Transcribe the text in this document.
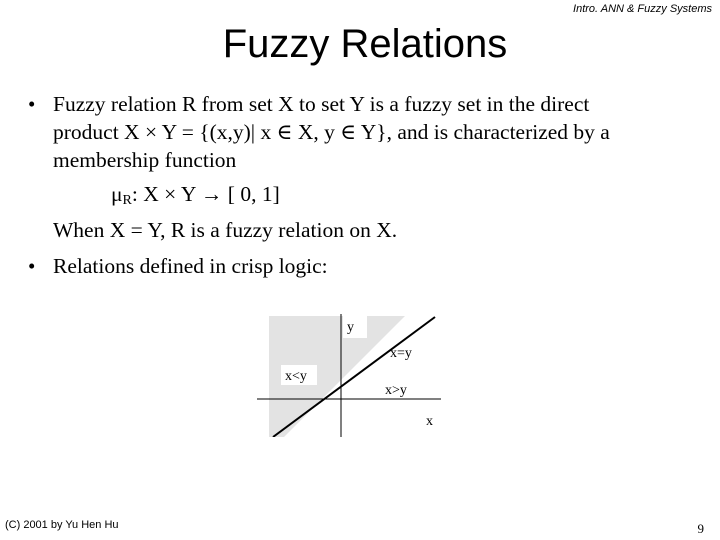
Intro. ANN & Fuzzy Systems
Fuzzy Relations
• Fuzzy relation R from set X to set Y is a fuzzy set in the direct
product X × Y = {(x,y)| x ∈ X, y ∈ Y}, and is characterized by a
membership function
$\mu_R$: X × Y → [ 0, 1]
When X = Y, R is a fuzzy relation on X.
• Relations defined in crisp logic:
y
x
x=y
x<y
x>y
(C) 2001 by Yu Hen Hu	9
